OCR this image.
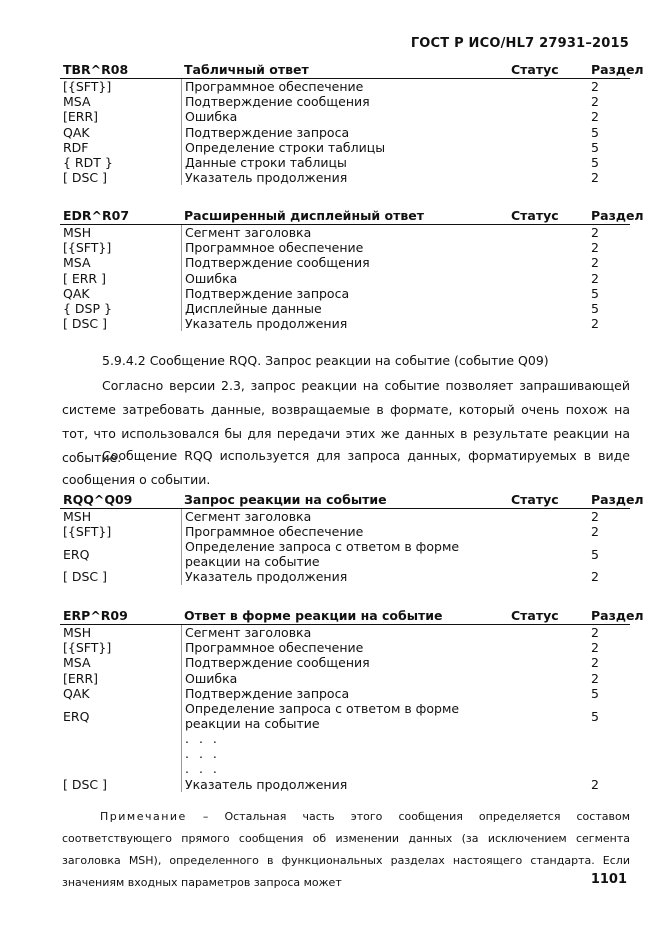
ГОСТ Р ИСО/HL7 27931–2015
TBR^R08	Табличный ответ	Статус	Раздел
[{SFT}]	Программное обеспечение	2
MSA	Подтверждение сообщения	2
[ERR]	Ошибка	2
QAK	Подтверждение запроса	5
RDF	Определение строки таблицы	5
{ RDT }	Данные строки таблицы	5
[ DSC ]	Указатель продолжения	2
EDR^R07	Расширенный дисплейный ответ	Статус	Раздел
MSH	Сегмент заголовка	2
[{SFT}]	Программное обеспечение	2
MSA	Подтверждение сообщения	2
[ ERR ]	Ошибка	2
QAK	Подтверждение запроса	5
{ DSP }	Дисплейные данные	5
[ DSC ]	Указатель продолжения	2
5.9.4.2 Сообщение RQQ. Запрос реакции на событие (событие Q09)
Согласно версии 2.3, запрос реакции на событие позволяет запрашивающей системе затребовать данные, возвращаемые в формате, который очень похож на тот, что использовался бы для передачи этих же данных в результате реакции на событие.
Сообщение RQQ используется для запроса данных, форматируемых в виде сообщения о событии.
RQQ^Q09	Запрос реакции на событие	Статус	Раздел
MSH	Сегмент заголовка	2
[{SFT}]	Программное обеспечение	2
ERQ	Определение запроса с ответом в форме реакции на событие	5
[ DSC ]	Указатель продолжения	2
ERP^R09	Ответ в форме реакции на событие	Статус	Раздел
MSH	Сегмент заголовка	2
[{SFT}]	Программное обеспечение	2
MSA	Подтверждение сообщения	2
[ERR]	Ошибка	2
QAK	Подтверждение запроса	5
ERQ	Определение запроса с ответом в форме реакции на событие	5
. . .
. . .
. . .
[ DSC ]	Указатель продолжения	2
Примечание – Остальная часть этого сообщения определяется составом соответствующего прямого сообщения об изменении данных (за исключением сегмента заголовка MSH), определенного в функциональных разделах настоящего стандарта. Если значениям входных параметров запроса может	1101
